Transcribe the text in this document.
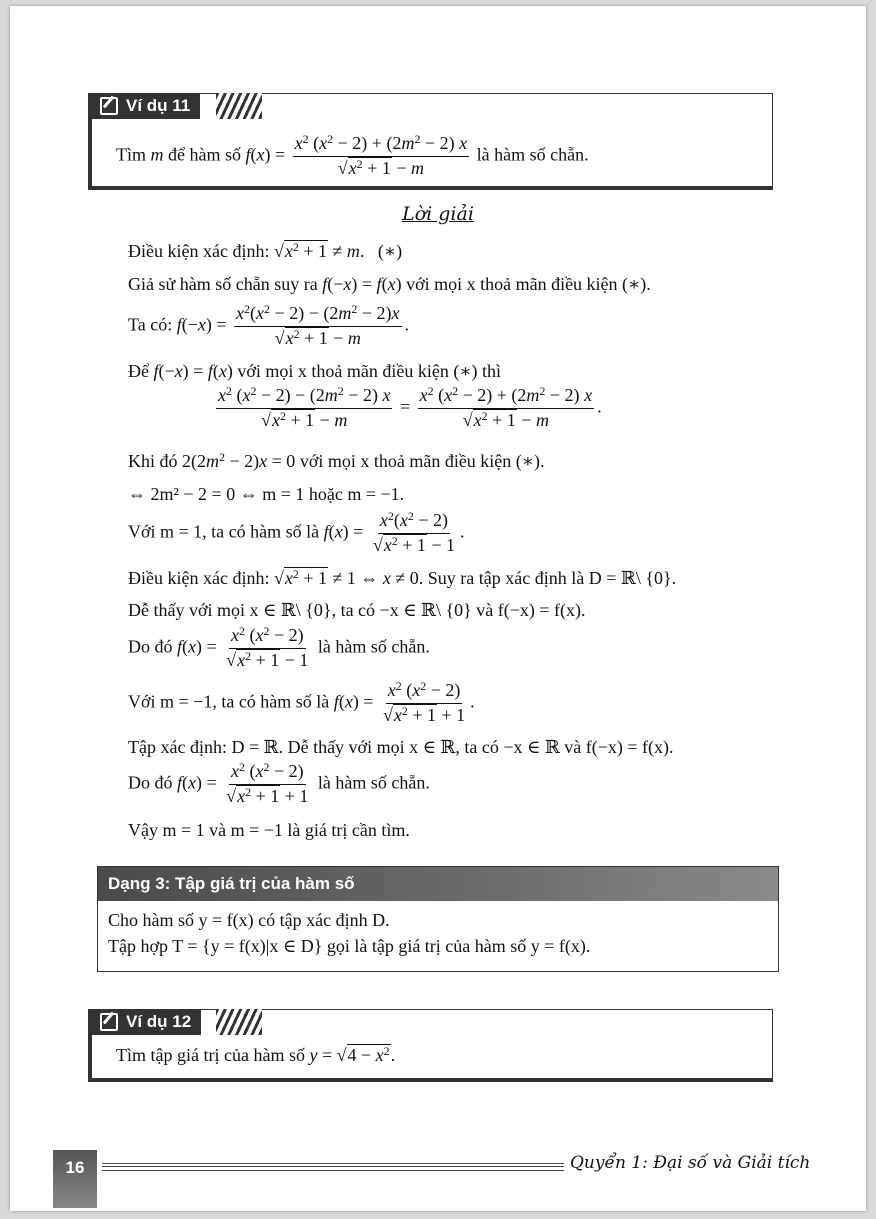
Ví dụ 11
Tìm m để hàm số $f(x) = \frac{x^2 (x^2 - 2) + (2m^2 - 2) x}{√x^2 + 1 - m}$ là hàm số chẵn.
Lời giải
Điều kiện xác định: $√x^2 + 1 \ne m$.   (∗)
Giả sử hàm số chẵn suy ra f(−x) = f(x) với mọi x thoả mãn điều kiện (∗).
Ta có: $f(-x) = \frac{x^2(x^2 - 2) - (2m^2 - 2)x}{√x^2 + 1 - m}$ .
Để f(−x) = f(x) với mọi x thoả mãn điều kiện (∗) thì
$\frac{x^2 (x^2 - 2) - (2m^2 - 2) x}{√x^2 + 1 - m} = \frac{x^2 (x^2 - 2) + (2m^2 - 2) x}{√x^2 + 1 - m}$ .
Khi đó $2(2m^2 - 2)x = 0$ với mọi x thoả mãn điều kiện (∗).
⇔ 2m² − 2 = 0 ⇔ m = 1 hoặc m = −1.
Với m = 1, ta có hàm số là $f(x) = \frac{x^2(x^2 - 2)}{√x^2 + 1 - 1}$ .
Điều kiện xác định: $√x^2 + 1 \ne 1$ ⇔ x ≠ 0. Suy ra tập xác định là D = ℝ\ {0}.
Dễ thấy với mọi x ∈ ℝ\ {0}, ta có −x ∈ ℝ\ {0} và f(−x) = f(x).
Do đó $f(x) = \frac{x^2 (x^2 - 2)}{√x^2 + 1 - 1}$ là hàm số chẵn.
Với m = −1, ta có hàm số là $f(x) = \frac{x^2 (x^2 - 2)}{√x^2 + 1 + 1}$ .
Tập xác định: D = ℝ. Dễ thấy với mọi x ∈ ℝ, ta có −x ∈ ℝ và f(−x) = f(x).
Do đó $f(x) = \frac{x^2 (x^2 - 2)}{√x^2 + 1 + 1}$ là hàm số chẵn.
Vậy m = 1 và m = −1 là giá trị cần tìm.
Dạng 3: Tập giá trị của hàm số
Cho hàm số y = f(x) có tập xác định D.
Tập hợp T = {y = f(x)|x ∈ D} gọi là tập giá trị của hàm số y = f(x).
Ví dụ 12
Tìm tập giá trị của hàm số $y = √4 - x^2$.
16	Quyển 1: Đại số và Giải tích
